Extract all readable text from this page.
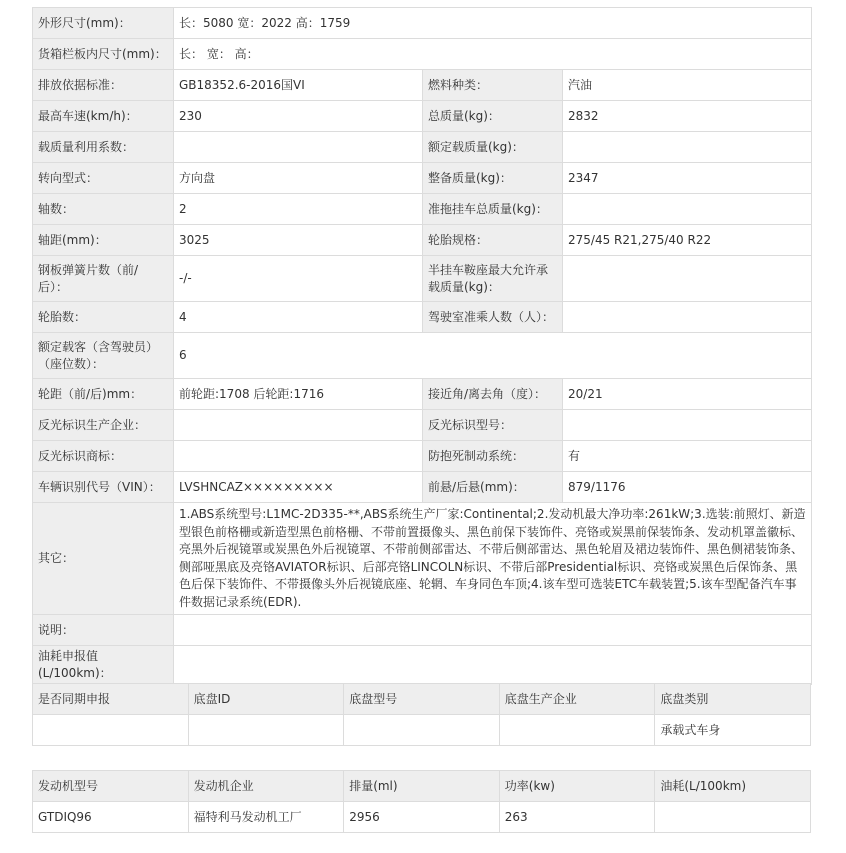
外形尺寸(mm)：	长：5080 宽：2022 高：1759		
货箱栏板内尺寸(mm)：	长： 宽： 高：		
排放依据标准：	GB18352.6-2016国VI	燃料种类：	汽油
最高车速(km/h)：	230	总质量(kg)：	2832
载质量利用系数：		额定载质量(kg)：	
转向型式：	方向盘	整备质量(kg)：	2347
轴数：	2	准拖挂车总质量(kg)：	
轴距(mm)：	3025	轮胎规格：	275/45 R21,275/40 R22
钢板弹簧片数（前/后）：	-/-	半挂车鞍座最大允许承载质量(kg)：	
轮胎数：	4	驾驶室准乘人数（人）：	
额定载客（含驾驶员）（座位数）：	6		
轮距（前/后)mm：	前轮距:1708 后轮距:1716	接近角/离去角（度）：	20/21
反光标识生产企业：		反光标识型号：	
反光标识商标：		防抱死制动系统：	有
车辆识别代号（VIN）：	LVSHNCAZ×××××××××	前悬/后悬(mm)：	879/1176
其它：	1.ABS系统型号:L1MC-2D335-**,ABS系统生产厂家:Continental;2.发动机最大净功率:261kW;3.选装:前照灯、新造型银色前格栅或新造型黑色前格栅、不带前置摄像头、黑色前保下装饰件、亮铬或炭黑前保装饰条、发动机罩盖徽标、亮黑外后视镜罩或炭黑色外后视镜罩、不带前侧部雷达、不带后侧部雷达、黑色轮眉及裙边装饰件、黑色侧裙装饰条、侧部哑黑底及亮铬AVIATOR标识、后部亮铬LINCOLN标识、不带后部Presidential标识、亮铬或炭黑色后保饰条、黑色后保下装饰件、不带摄像头外后视镜底座、轮辋、车身同色车顶;4.该车型可选装ETC车载装置;5.该车型配备汽车事件数据记录系统(EDR).		
说明：			
油耗申报值(L/100km)：			
是否同期申报	底盘ID	底盘型号	底盘生产企业	底盘类别
				承载式车身
发动机型号	发动机企业	排量(ml)	功率(kw)	油耗(L/100km)
GTDIQ96	福特利马发动机工厂	2956	263	
